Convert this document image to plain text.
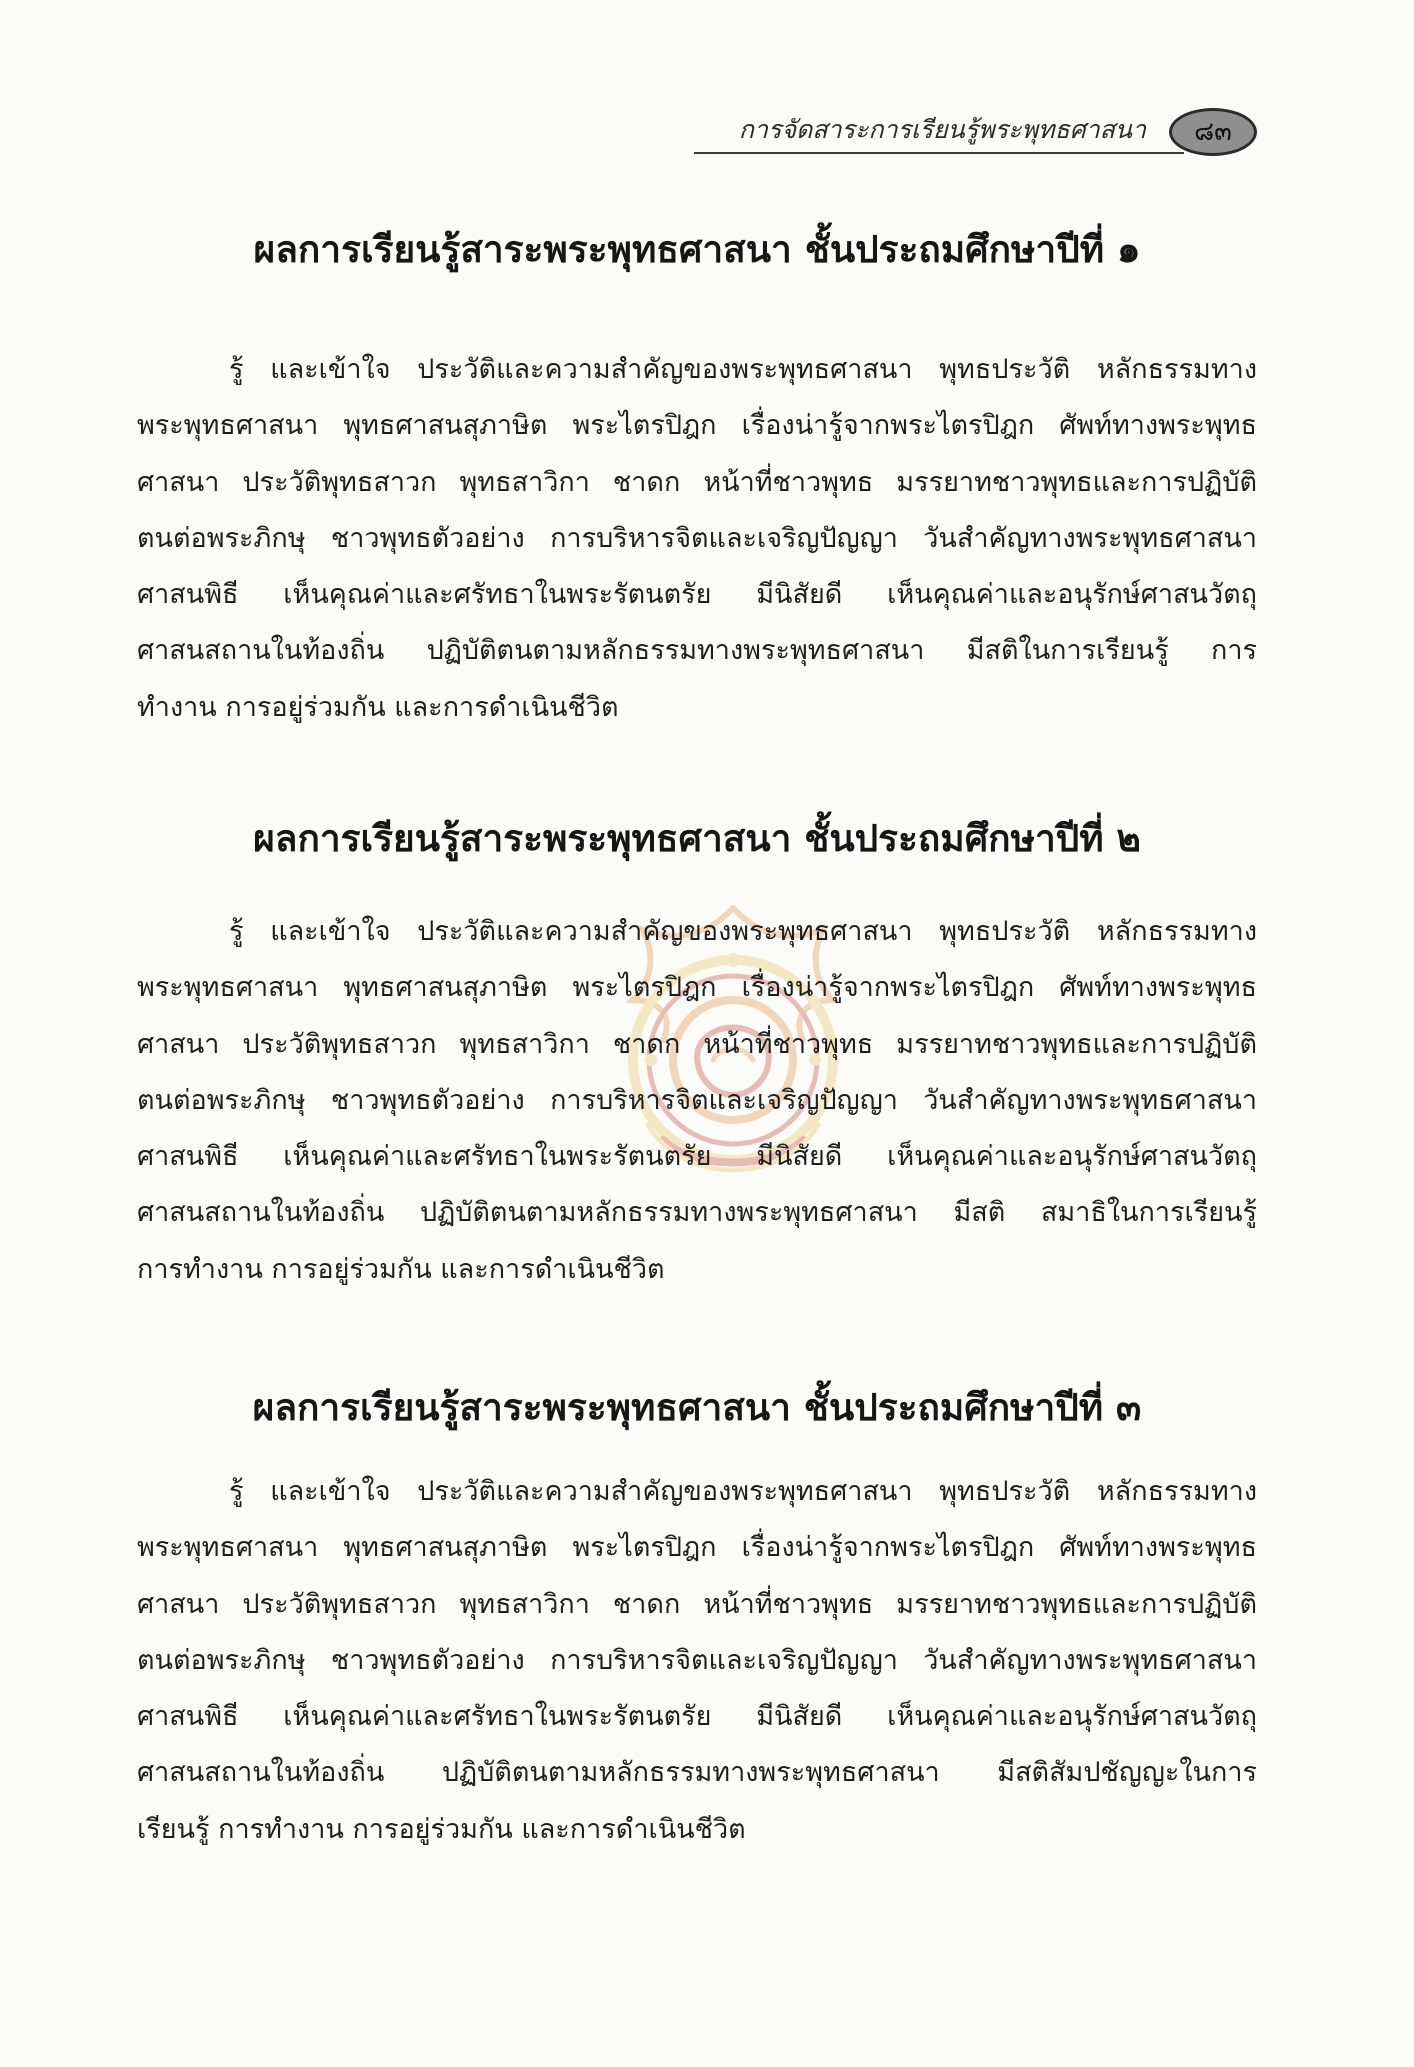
การจัดสาระการเรียนรู้พระพุทธศาสนา ๘๓
ผลการเรียนรู้สาระพระพุทธศาสนา ชั้นประถมศึกษาปีที่ ๑
รู้ และเข้าใจ ประวัติและความสำคัญของพระพุทธศาสนา พุทธประวัติ หลักธรรมทาง
พระพุทธศาสนา พุทธศาสนสุภาษิต พระไตรปิฎก เรื่องน่ารู้จากพระไตรปิฎก ศัพท์ทางพระพุทธ
ศาสนา ประวัติพุทธสาวก พุทธสาวิกา ชาดก หน้าที่ชาวพุทธ มรรยาทชาวพุทธและการปฏิบัติ
ตนต่อพระภิกษุ ชาวพุทธตัวอย่าง การบริหารจิตและเจริญปัญญา วันสำคัญทางพระพุทธศาสนา
ศาสนพิธี เห็นคุณค่าและศรัทธาในพระรัตนตรัย มีนิสัยดี เห็นคุณค่าและอนุรักษ์ศาสนวัตถุ
ศาสนสถานในท้องถิ่น ปฏิบัติตนตามหลักธรรมทางพระพุทธศาสนา มีสติในการเรียนรู้ การ
ทำงาน การอยู่ร่วมกัน และการดำเนินชีวิต
ผลการเรียนรู้สาระพระพุทธศาสนา ชั้นประถมศึกษาปีที่ ๒
รู้ และเข้าใจ ประวัติและความสำคัญของพระพุทธศาสนา พุทธประวัติ หลักธรรมทาง
พระพุทธศาสนา พุทธศาสนสุภาษิต พระไตรปิฎก เรื่องน่ารู้จากพระไตรปิฎก ศัพท์ทางพระพุทธ
ศาสนา ประวัติพุทธสาวก พุทธสาวิกา ชาดก หน้าที่ชาวพุทธ มรรยาทชาวพุทธและการปฏิบัติ
ตนต่อพระภิกษุ ชาวพุทธตัวอย่าง การบริหารจิตและเจริญปัญญา วันสำคัญทางพระพุทธศาสนา
ศาสนพิธี เห็นคุณค่าและศรัทธาในพระรัตนตรัย มีนิสัยดี เห็นคุณค่าและอนุรักษ์ศาสนวัตถุ
ศาสนสถานในท้องถิ่น ปฏิบัติตนตามหลักธรรมทางพระพุทธศาสนา มีสติ สมาธิในการเรียนรู้
การทำงาน การอยู่ร่วมกัน และการดำเนินชีวิต
ผลการเรียนรู้สาระพระพุทธศาสนา ชั้นประถมศึกษาปีที่ ๓
รู้ และเข้าใจ ประวัติและความสำคัญของพระพุทธศาสนา พุทธประวัติ หลักธรรมทาง
พระพุทธศาสนา พุทธศาสนสุภาษิต พระไตรปิฎก เรื่องน่ารู้จากพระไตรปิฎก ศัพท์ทางพระพุทธ
ศาสนา ประวัติพุทธสาวก พุทธสาวิกา ชาดก หน้าที่ชาวพุทธ มรรยาทชาวพุทธและการปฏิบัติ
ตนต่อพระภิกษุ ชาวพุทธตัวอย่าง การบริหารจิตและเจริญปัญญา วันสำคัญทางพระพุทธศาสนา
ศาสนพิธี เห็นคุณค่าและศรัทธาในพระรัตนตรัย มีนิสัยดี เห็นคุณค่าและอนุรักษ์ศาสนวัตถุ
ศาสนสถานในท้องถิ่น ปฏิบัติตนตามหลักธรรมทางพระพุทธศาสนา มีสติสัมปชัญญะในการ
เรียนรู้ การทำงาน การอยู่ร่วมกัน และการดำเนินชีวิต
